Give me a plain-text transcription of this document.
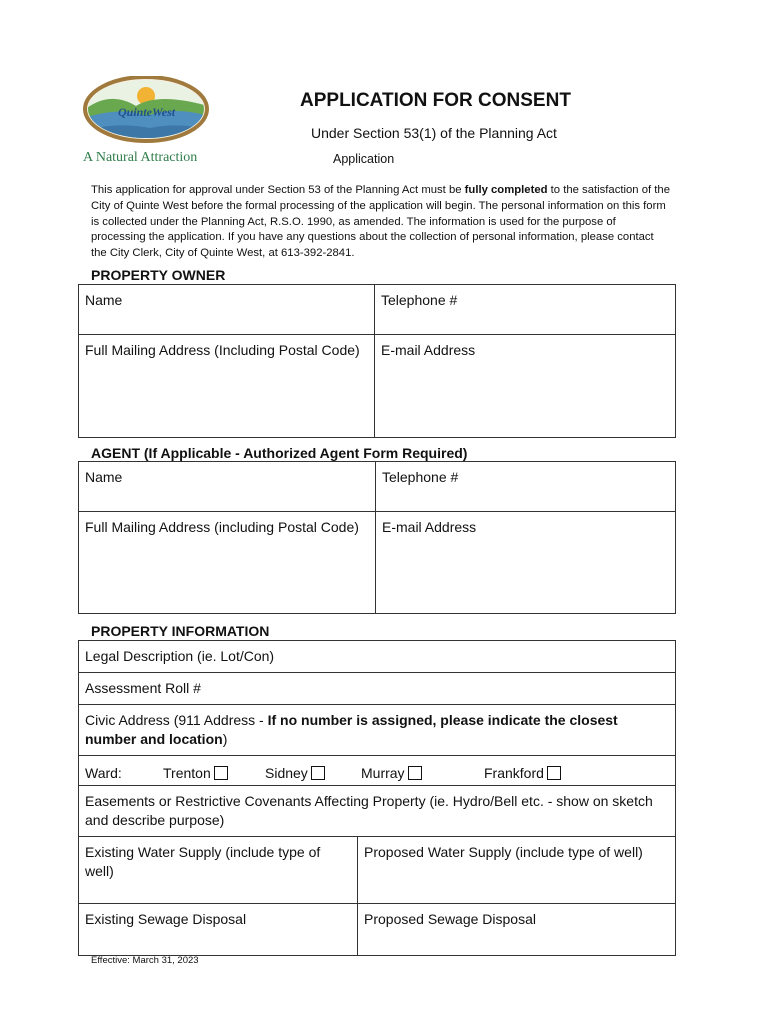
QuinteWest
A Natural Attraction
APPLICATION FOR CONSENT
Under Section 53(1) of the Planning Act
Application
This application for approval under Section 53 of the Planning Act must be fully completed to the satisfaction of the City of Quinte West before the formal processing of the application will begin. The personal information on this form is collected under the Planning Act, R.S.O. 1990, as amended. The information is used for the purpose of processing the application. If you have any questions about the collection of personal information, please contact the City Clerk, City of Quinte West, at 613-392-2841.
PROPERTY OWNER
Name	Telephone #
Full Mailing Address (Including Postal Code)	E-mail Address
AGENT (If Applicable - Authorized Agent Form Required)
Name	Telephone #
Full Mailing Address (including Postal Code)	E-mail Address
PROPERTY INFORMATION
Legal Description (ie. Lot/Con)	
Assessment Roll #	
Civic Address (911 Address - If no number is assigned, please indicate the closest number and location)	

Ward: Trenton Sidney Murray Frankford	

Easements or Restrictive Covenants Affecting Property (ie. Hydro/Bell etc. - show on sketch and describe purpose)	
Existing Water Supply (include type of well)	Proposed Water Supply (include type of well)
Existing Sewage Disposal	Proposed Sewage Disposal
Effective: March 31, 2023
